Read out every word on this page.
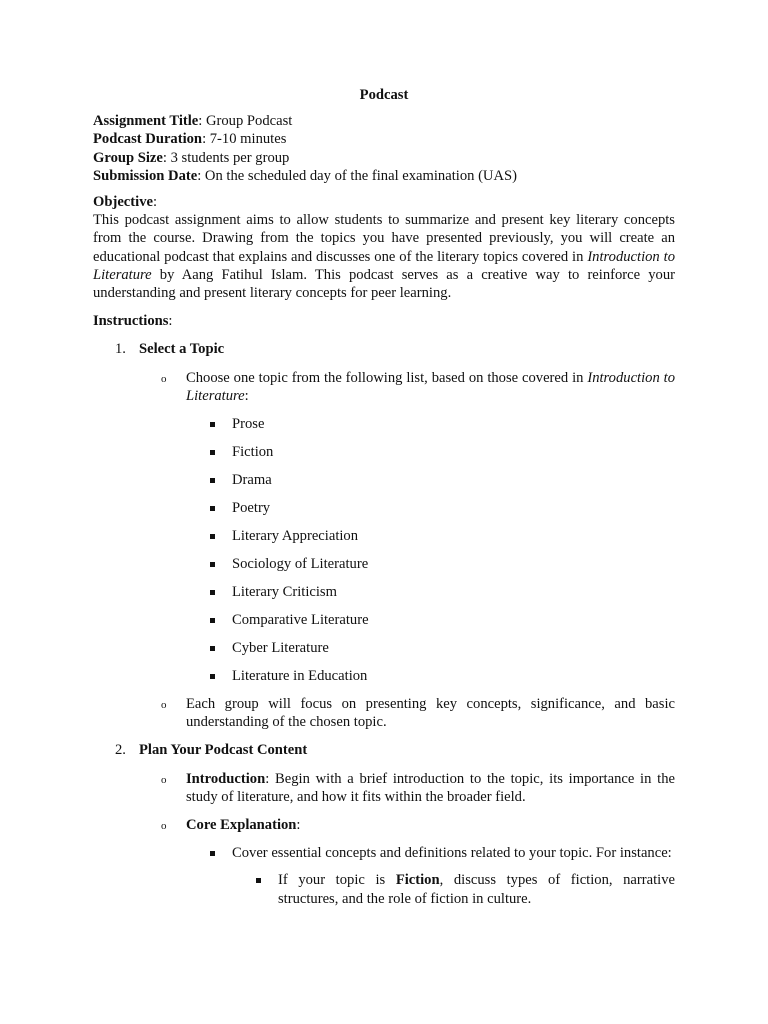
Podcast

Assignment Title: Group Podcast

Podcast Duration: 7-10 minutes

Group Size: 3 students per group

Submission Date: On the scheduled day of the final examination (UAS)

Objective:

This podcast assignment aims to allow students to summarize and present key literary concepts from the course. Drawing from the topics you have presented previously, you will create an educational podcast that explains and discusses one of the literary topics covered in Introduction to Literature by Aang Fatihul Islam. This podcast serves as a creative way to reinforce your understanding and present literary concepts for peer learning.

Instructions:

1. Select a Topic
o Choose one topic from the following list, based on those covered in Introduction to Literature:
Prose
Fiction
Drama
Poetry
Literary Appreciation
Sociology of Literature
Literary Criticism
Comparative Literature
Cyber Literature
Literature in Education
o Each group will focus on presenting key concepts, significance, and basic understanding of the chosen topic.
2. Plan Your Podcast Content
o Introduction: Begin with a brief introduction to the topic, its importance in the study of literature, and how it fits within the broader field.
o Core Explanation:
Cover essential concepts and definitions related to your topic. For instance:
If your topic is Fiction, discuss types of fiction, narrative structures, and the role of fiction in culture.
